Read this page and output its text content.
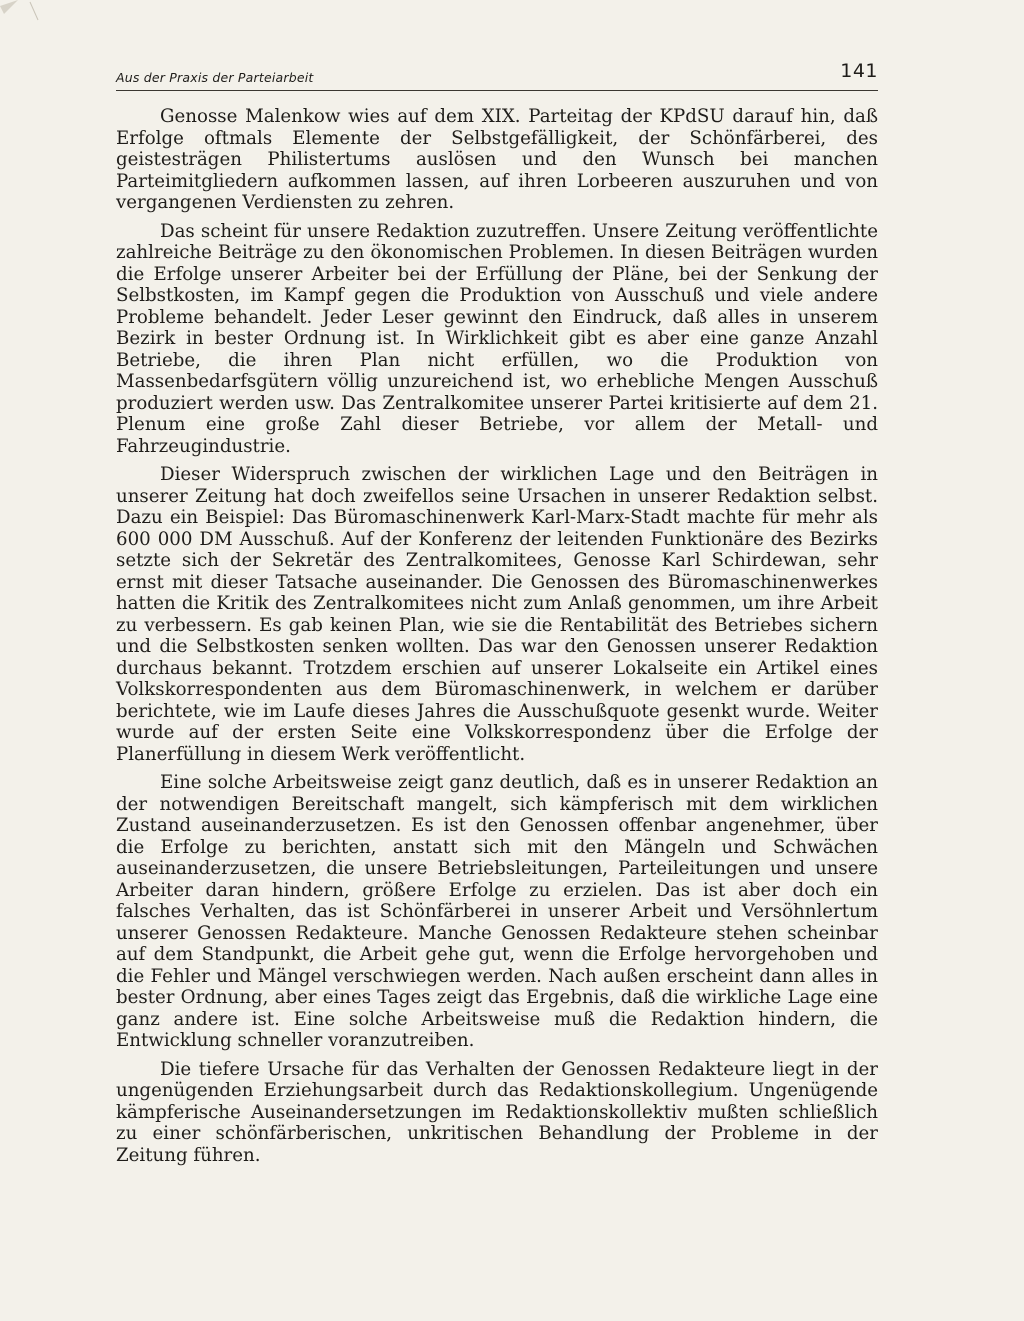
Aus der Praxis der Parteiarbeit	141

Genosse Malenkow wies auf dem XIX. Parteitag der KPdSU darauf hin, daß Erfolge oftmals Elemente der Selbstgefälligkeit, der Schönfärberei, des geistesträgen Philistertums auslösen und den Wunsch bei manchen Parteimitgliedern aufkommen lassen, auf ihren Lorbeeren auszuruhen und von vergangenen Verdiensten zu zehren.

Das scheint für unsere Redaktion zuzutreffen. Unsere Zeitung veröffentlichte zahlreiche Beiträge zu den ökonomischen Problemen. In diesen Beiträgen wurden die Erfolge unserer Arbeiter bei der Erfüllung der Pläne, bei der Senkung der Selbstkosten, im Kampf gegen die Produktion von Ausschuß und viele andere Probleme behandelt. Jeder Leser gewinnt den Eindruck, daß alles in unserem Bezirk in bester Ordnung ist. In Wirklichkeit gibt es aber eine ganze Anzahl Betriebe, die ihren Plan nicht erfüllen, wo die Produktion von Massenbedarfsgütern völlig unzureichend ist, wo erhebliche Mengen Ausschuß produziert werden usw. Das Zentralkomitee unserer Partei kritisierte auf dem 21. Plenum eine große Zahl dieser Betriebe, vor allem der Metall- und Fahrzeugindustrie.

Dieser Widerspruch zwischen der wirklichen Lage und den Beiträgen in unserer Zeitung hat doch zweifellos seine Ursachen in unserer Redaktion selbst. Dazu ein Beispiel: Das Büromaschinenwerk Karl-Marx-Stadt machte für mehr als 600 000 DM Ausschuß. Auf der Konferenz der leitenden Funktionäre des Bezirks setzte sich der Sekretär des Zentralkomitees, Genosse Karl Schirdewan, sehr ernst mit dieser Tatsache auseinander. Die Genossen des Büromaschinenwerkes hatten die Kritik des Zentralkomitees nicht zum Anlaß genommen, um ihre Arbeit zu verbessern. Es gab keinen Plan, wie sie die Rentabilität des Betriebes sichern und die Selbstkosten senken wollten. Das war den Genossen unserer Redaktion durchaus bekannt. Trotzdem erschien auf unserer Lokalseite ein Artikel eines Volkskorrespondenten aus dem Büromaschinenwerk, in welchem er darüber berichtete, wie im Laufe dieses Jahres die Ausschußquote gesenkt wurde. Weiter wurde auf der ersten Seite eine Volkskorrespondenz über die Erfolge der Planerfüllung in diesem Werk veröffentlicht.

Eine solche Arbeitsweise zeigt ganz deutlich, daß es in unserer Redaktion an der notwendigen Bereitschaft mangelt, sich kämpferisch mit dem wirklichen Zustand auseinanderzusetzen. Es ist den Genossen offenbar angenehmer, über die Erfolge zu berichten, anstatt sich mit den Mängeln und Schwächen auseinanderzusetzen, die unsere Betriebsleitungen, Parteileitungen und unsere Arbeiter daran hindern, größere Erfolge zu erzielen. Das ist aber doch ein falsches Verhalten, das ist Schönfärberei in unserer Arbeit und Versöhnlertum unserer Genossen Redakteure. Manche Genossen Redakteure stehen scheinbar auf dem Standpunkt, die Arbeit gehe gut, wenn die Erfolge hervorgehoben und die Fehler und Mängel verschwiegen werden. Nach außen erscheint dann alles in bester Ordnung, aber eines Tages zeigt das Ergebnis, daß die wirkliche Lage eine ganz andere ist. Eine solche Arbeitsweise muß die Redaktion hindern, die Entwicklung schneller voranzutreiben.

Die tiefere Ursache für das Verhalten der Genossen Redakteure liegt in der ungenügenden Erziehungsarbeit durch das Redaktionskollegium. Ungenügende kämpferische Auseinandersetzungen im Redaktionskollektiv mußten schließlich zu einer schönfärberischen, unkritischen Behandlung der Probleme in der Zeitung führen.
